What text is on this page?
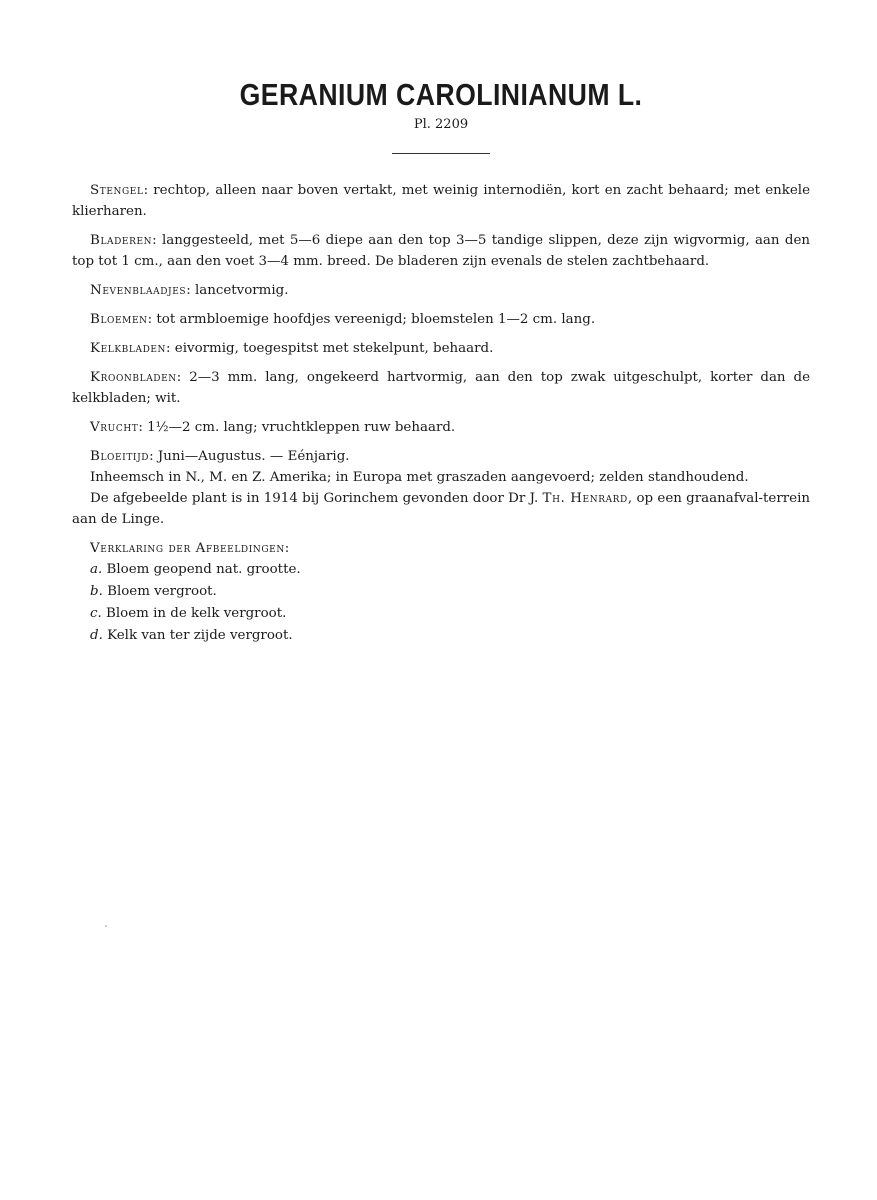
GERANIUM CAROLINIANUM L.
Pl. 2209

Stengel: rechtop, alleen naar boven vertakt, met weinig internodiën, kort en zacht behaard; met enkele klierharen.

Bladeren: langgesteeld, met 5—6 diepe aan den top 3—5 tandige slippen, deze zijn wigvormig, aan den top tot 1 cm., aan den voet 3—4 mm. breed. De bladeren zijn evenals de stelen zachtbehaard.

Nevenblaadjes: lancetvormig.

Bloemen: tot armbloemige hoofdjes vereenigd; bloemstelen 1—2 cm. lang.

Kelkbladen: eivormig, toegespitst met stekelpunt, behaard.

Kroonbladen: 2—3 mm. lang, ongekeerd hartvormig, aan den top zwak uitgeschulpt, korter dan de kelkbladen; wit.

Vrucht: 1½—2 cm. lang; vruchtkleppen ruw behaard.

Bloeitijd: Juni—Augustus. — Eénjarig.

Inheemsch in N., M. en Z. Amerika; in Europa met graszaden aangevoerd; zelden standhoudend.

De afgebeelde plant is in 1914 bij Gorinchem gevonden door Dr J. Th. Henrard, op een graanafval-terrein aan de Linge.

Verklaring der Afbeeldingen:

a. Bloem geopend nat. grootte.
b. Bloem vergroot.
c. Bloem in de kelk vergroot.
d. Kelk van ter zijde vergroot.
